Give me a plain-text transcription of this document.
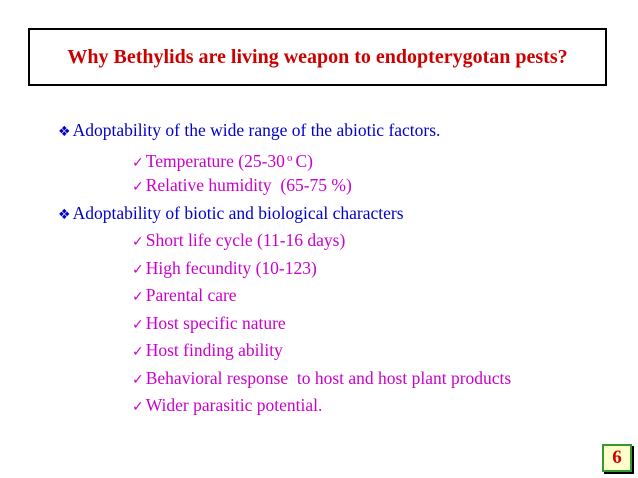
Why Bethylids are living weapon to endopterygotan pests?
❖ Adoptability of the wide range of the abiotic factors.
✓ Temperature (25-30 $^o$ C)
✓ Relative humidity  (65-75 %)
❖ Adoptability of biotic and biological characters
✓ Short life cycle (11-16 days)
✓ High fecundity (10-123)
✓ Parental care
✓ Host specific nature
✓ Host finding ability
✓ Behavioral response  to host and host plant products
✓ Wider parasitic potential.
6
